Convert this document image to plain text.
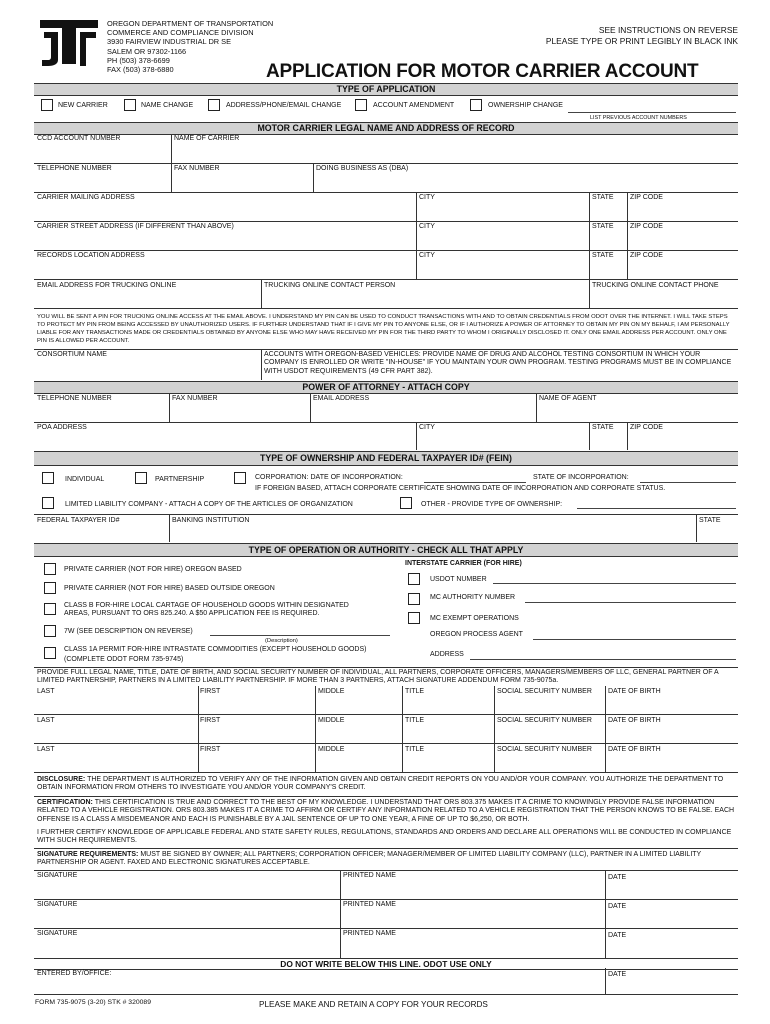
OREGON DEPARTMENT OF TRANSPORTATION
COMMERCE AND COMPLIANCE DIVISION
3930 FAIRVIEW INDUSTRIAL DR SE
SALEM OR 97302-1166
PH (503) 378-6699
FAX (503) 378-6880
SEE INSTRUCTIONS ON REVERSE
PLEASE TYPE OR PRINT LEGIBLY IN BLACK INK
APPLICATION FOR MOTOR CARRIER ACCOUNT
TYPE OF APPLICATION
NEW CARRIER	NAME CHANGE	ADDRESS/PHONE/EMAIL CHANGE	ACCOUNT AMENDMENT	OWNERSHIP CHANGE
LIST PREVIOUS ACCOUNT NUMBERS
MOTOR CARRIER LEGAL NAME AND ADDRESS OF RECORD
CCD ACCOUNT NUMBER	NAME OF CARRIER
TELEPHONE NUMBER	FAX NUMBER	DOING BUSINESS AS (DBA)
CARRIER MAILING ADDRESS	CITY	STATE ZIP CODE
CARRIER STREET ADDRESS (IF DIFFERENT THAN ABOVE)	CITY	STATE ZIP CODE
RECORDS LOCATION ADDRESS	CITY	STATE ZIP CODE
EMAIL ADDRESS FOR TRUCKING ONLINE	TRUCKING ONLINE CONTACT PERSON	TRUCKING ONLINE CONTACT PHONE
YOU WILL BE SENT A PIN FOR TRUCKING ONLINE ACCESS AT THE EMAIL ABOVE. I UNDERSTAND MY PIN CAN BE USED TO CONDUCT TRANSACTIONS WITH AND TO OBTAIN CREDENTIALS FROM ODOT OVER THE INTERNET. I WILL TAKE STEPS TO PROTECT MY PIN FROM BEING ACCESSED BY UNAUTHORIZED USERS. IF FURTHER UNDERSTAND THAT IF I GIVE MY PIN TO ANYONE ELSE, OR IF I AUTHORIZE A POWER OF ATTORNEY TO OBTAIN MY PIN ON MY BEHALF, I AM PERSONALLY LIABLE FOR ANY TRANSACTIONS MADE OR CREDENTIALS OBTAINED BY ANYONE ELSE WHO MAY HAVE RECEIVED MY PIN FOR THE THIRD PARTY TO WHOM I ORIGINALLY DISCLOSED IT. ONLY ONE EMAIL ADDRESS PER ACCOUNT. ONLY ONE PIN IS ALLOWED PER ACCOUNT.
CONSORTIUM NAME	ACCOUNTS WITH OREGON-BASED VEHICLES: PROVIDE NAME OF DRUG AND ALCOHOL TESTING CONSORTIUM IN WHICH YOUR COMPANY IS ENROLLED OR WRITE "IN-HOUSE" IF YOU MAINTAIN YOUR OWN PROGRAM. TESTING PROGRAMS MUST BE IN COMPLIANCE WITH USDOT REQUIREMENTS (49 CFR PART 382).
POWER OF ATTORNEY - ATTACH COPY
TELEPHONE NUMBER	FAX NUMBER	EMAIL ADDRESS	NAME OF AGENT
POA ADDRESS	CITY	STATE ZIP CODE
TYPE OF OWNERSHIP AND FEDERAL TAXPAYER ID# (FEIN)
INDIVIDUAL	PARTNERSHIP	CORPORATION: DATE OF INCORPORATION:	STATE OF INCORPORATION:
IF FOREIGN BASED, ATTACH CORPORATE CERTIFICATE SHOWING DATE OF INCORPORATION AND CORPORATE STATUS.
LIMITED LIABILITY COMPANY - ATTACH A COPY OF THE ARTICLES OF ORGANIZATION	OTHER - PROVIDE TYPE OF OWNERSHIP:
FEDERAL TAXPAYER ID#	BANKING INSTITUTION	STATE
TYPE OF OPERATION OR AUTHORITY - CHECK ALL THAT APPLY
PRIVATE CARRIER (NOT FOR HIRE) OREGON BASED
PRIVATE CARRIER (NOT FOR HIRE) BASED OUTSIDE OREGON
CLASS B FOR-HIRE LOCAL CARTAGE OF HOUSEHOLD GOODS WITHIN DESIGNATED
AREAS, PURSUANT TO ORS 825.240. A $50 APPLICATION FEE IS REQUIRED.
7W (SEE DESCRIPTION ON REVERSE)
(Description)
CLASS 1A PERMIT FOR-HIRE INTRASTATE COMMODITIES (EXCEPT HOUSEHOLD GOODS)
(COMPLETE ODOT FORM 735-9745)
INTERSTATE CARRIER (FOR HIRE)
USDOT NUMBER
MC AUTHORITY NUMBER
MC EXEMPT OPERATIONS
OREGON PROCESS AGENT
ADDRESS
PROVIDE FULL LEGAL NAME, TITLE, DATE OF BIRTH, AND SOCIAL SECURITY NUMBER OF INDIVIDUAL, ALL PARTNERS, CORPORATE OFFICERS, MANAGERS/MEMBERS OF LLC, GENERAL PARTNER OF A LIMITED PARTNERSHIP, PARTNERS IN A LIMITED LIABILITY PARTNERSHIP. IF MORE THAN 3 PARTNERS, ATTACH SIGNATURE ADDENDUM FORM 735-9075a.
LAST	FIRST	MIDDLE	TITLE	SOCIAL SECURITY NUMBER DATE OF BIRTH
LAST	FIRST	MIDDLE	TITLE	SOCIAL SECURITY NUMBER DATE OF BIRTH
LAST	FIRST	MIDDLE	TITLE	SOCIAL SECURITY NUMBER DATE OF BIRTH
DISCLOSURE: THE DEPARTMENT IS AUTHORIZED TO VERIFY ANY OF THE INFORMATION GIVEN AND OBTAIN CREDIT REPORTS ON YOU AND/OR YOUR COMPANY. YOU AUTHORIZE THE DEPARTMENT TO OBTAIN INFORMATION FROM OTHERS TO INVESTIGATE YOU AND/OR YOUR COMPANY'S CREDIT.
CERTIFICATION: THIS CERTIFICATION IS TRUE AND CORRECT TO THE BEST OF MY KNOWLEDGE. I UNDERSTAND THAT ORS 803.375 MAKES IT A CRIME TO KNOWINGLY PROVIDE FALSE INFORMATION RELATED TO A VEHICLE REGISTRATION. ORS 803.385 MAKES IT A CRIME TO AFFIRM OR CERTIFY ANY INFORMATION RELATED TO A VEHICLE REGISTRATION THAT THE PERSON KNOWS TO BE FALSE. EACH OFFENSE IS A CLASS A MISDEMEANOR AND EACH IS PUNISHABLE BY A JAIL SENTENCE OF UP TO ONE YEAR, A FINE OF UP TO $6,250, OR BOTH.
I FURTHER CERTIFY KNOWLEDGE OF APPLICABLE FEDERAL AND STATE SAFETY RULES, REGULATIONS, STANDARDS AND ORDERS AND DECLARE ALL OPERATIONS WILL BE CONDUCTED IN COMPLIANCE WITH SUCH REQUIREMENTS.
SIGNATURE REQUIREMENTS: MUST BE SIGNED BY OWNER; ALL PARTNERS; CORPORATION OFFICER; MANAGER/MEMBER OF LIMITED LIABILITY COMPANY (LLC), PARTNER IN A LIMITED LIABILITY PARTNERSHIP OR AGENT. FAXED AND ELECTRONIC SIGNATURES ACCEPTABLE.
SIGNATURE	PRINTED NAME	DATE
SIGNATURE	PRINTED NAME	DATE
SIGNATURE	PRINTED NAME	DATE
DO NOT WRITE BELOW THIS LINE. ODOT USE ONLY
ENTERED BY/OFFICE:	DATE
FORM 735-9075 (3-20) STK # 320089	PLEASE MAKE AND RETAIN A COPY FOR YOUR RECORDS
